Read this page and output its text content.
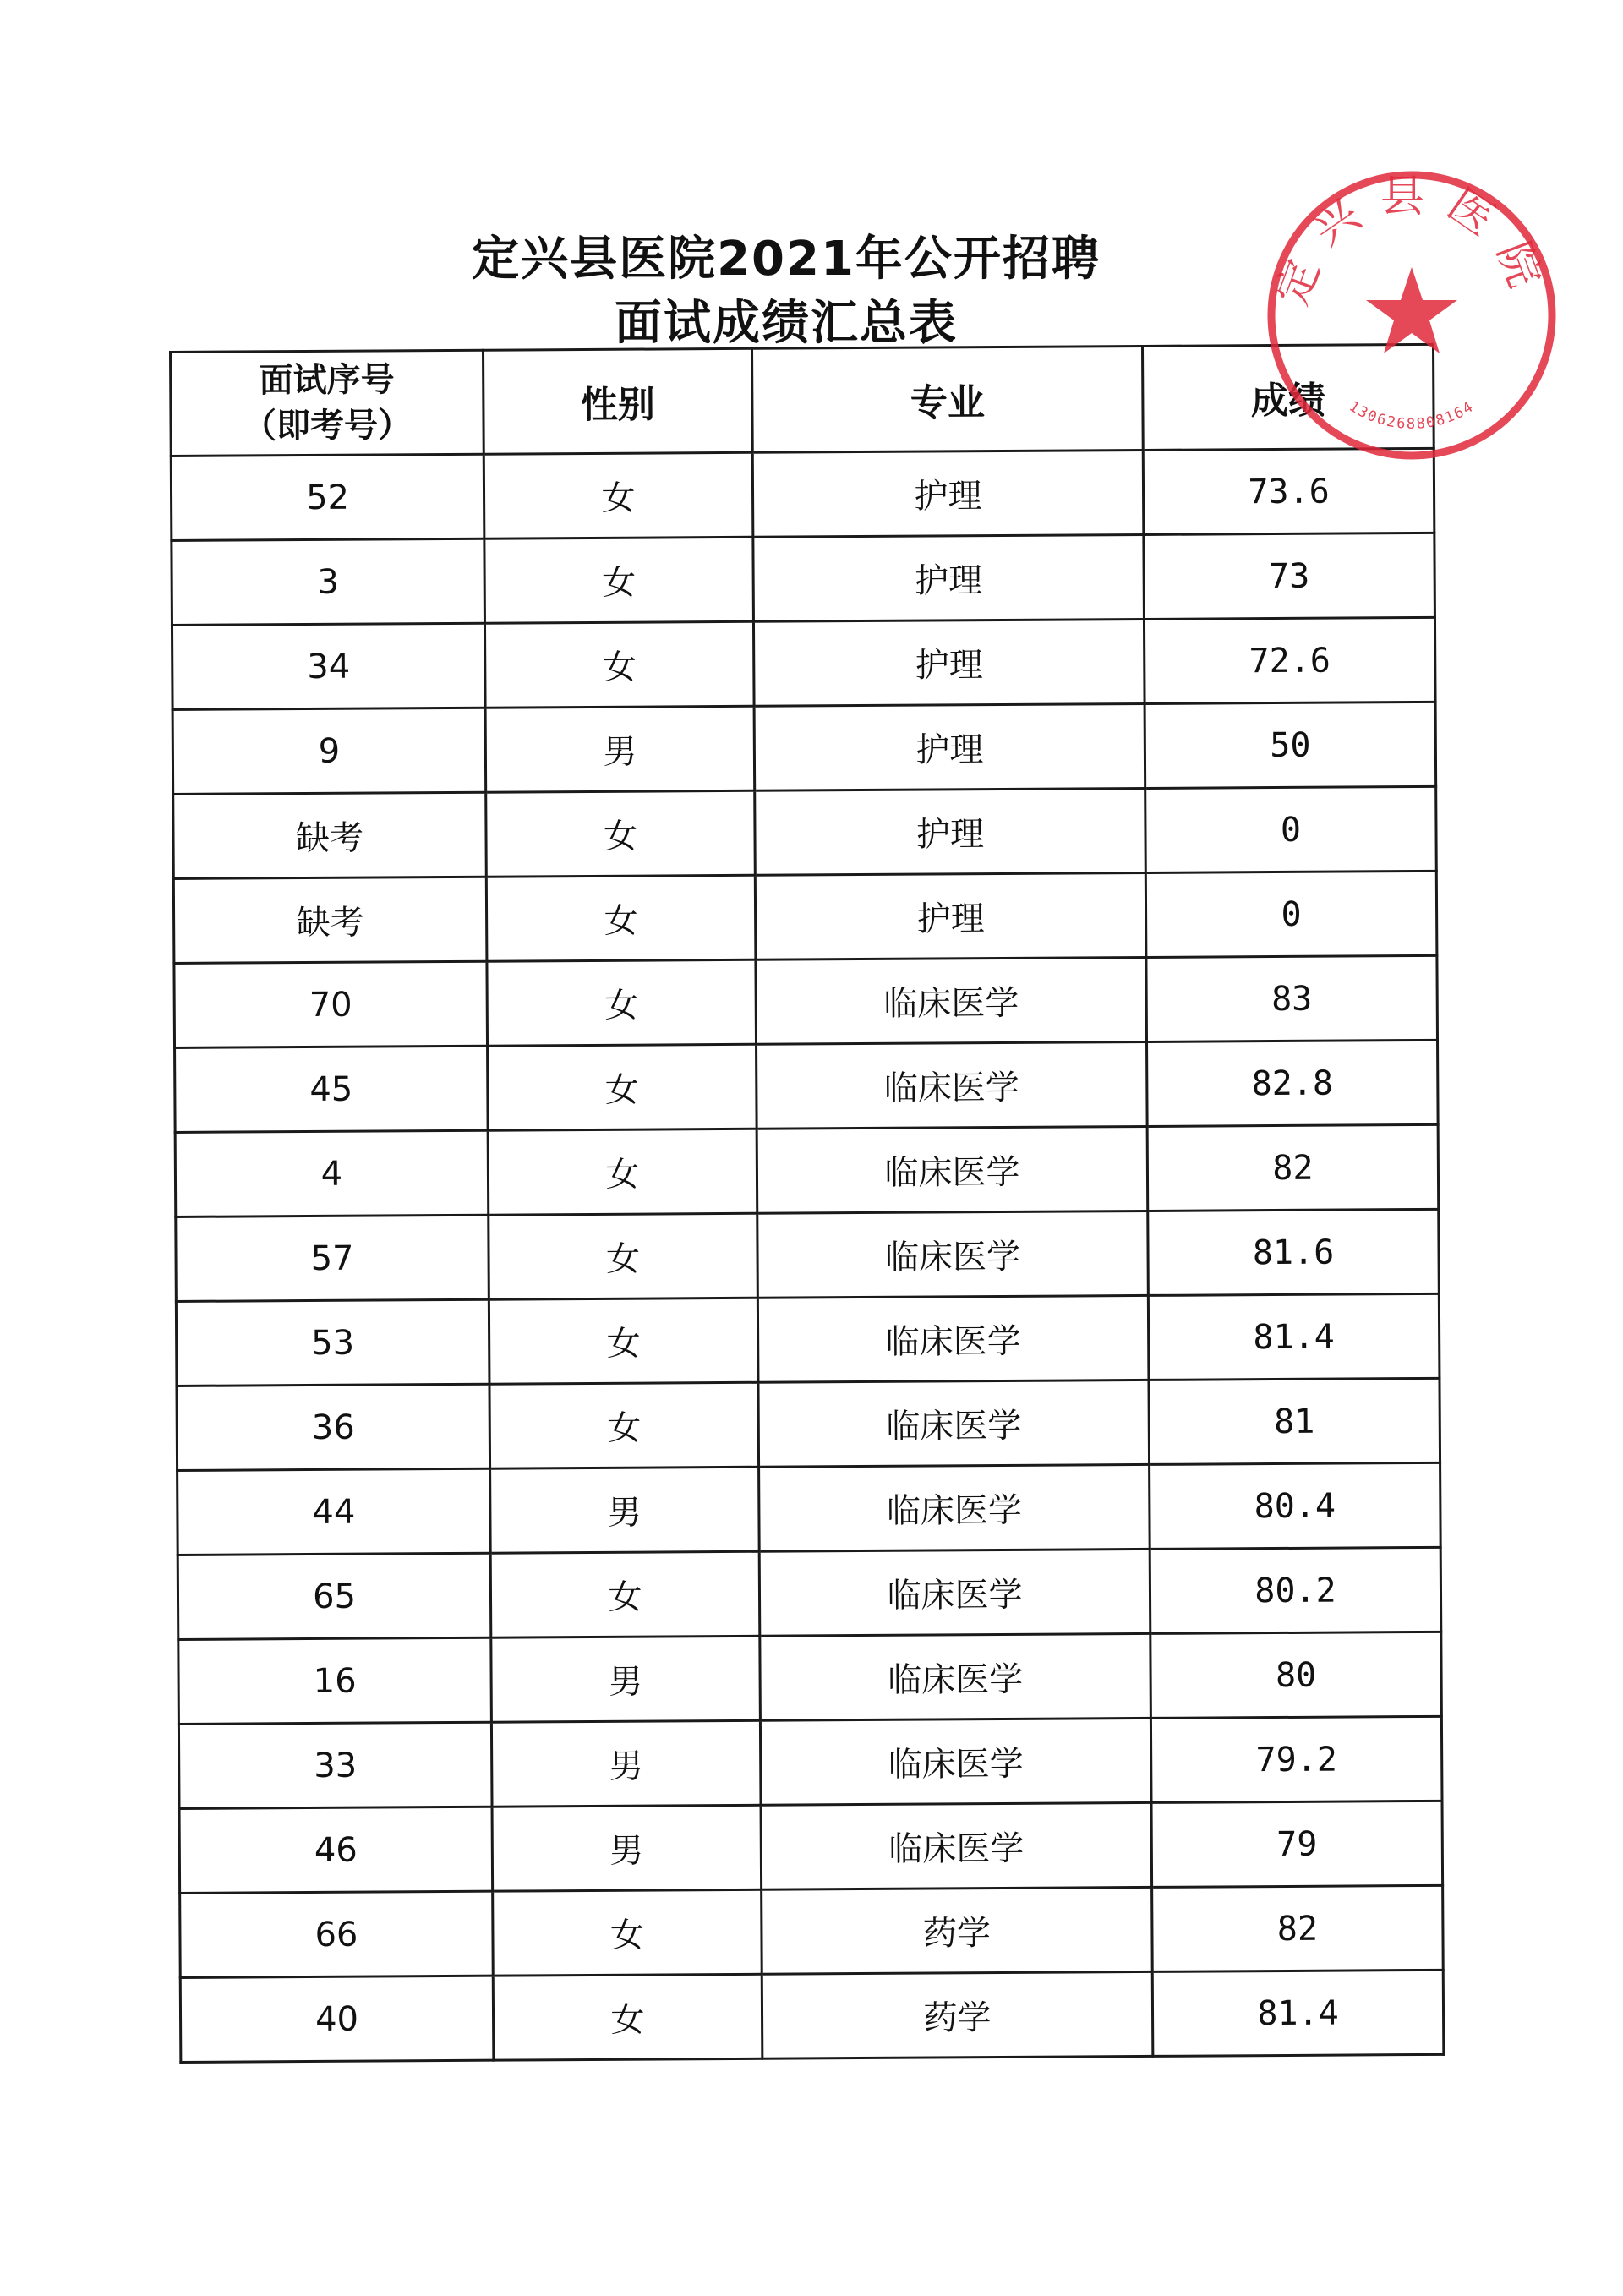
定兴县医院2021年公开招聘
面试成绩汇总表
面试序号
（即考号）	性别	专业	成绩
52	女	护理	73.6
3	女	护理	73
34	女	护理	72.6
9	男	护理	50
缺考	女	护理	0
缺考	女	护理	0
70	女	临床医学	83
45	女	临床医学	82.8
4	女	临床医学	82
57	女	临床医学	81.6
53	女	临床医学	81.4
36	女	临床医学	81
44	男	临床医学	80.4
65	女	临床医学	80.2
16	男	临床医学	80
33	男	临床医学	79.2
46	男	临床医学	79
66	女	药学	82
40	女	药学	81.4
定兴县医院
1306268808164
